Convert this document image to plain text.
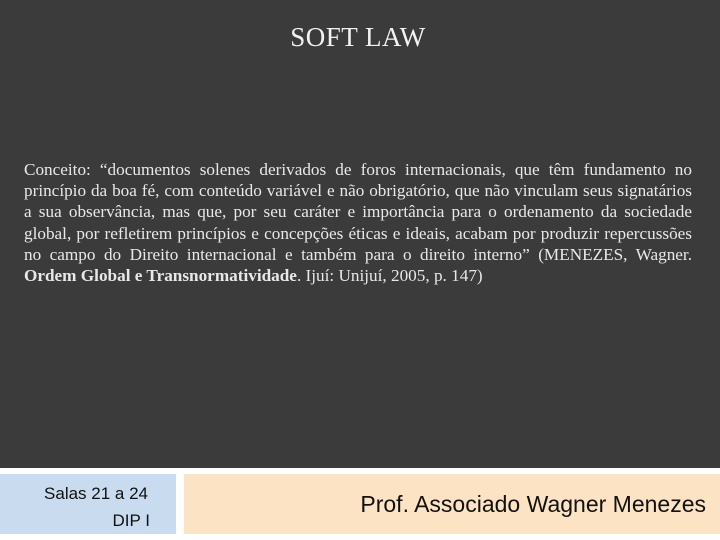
SOFT LAW
Conceito: “documentos solenes derivados de foros internacionais, que têm fundamento no princípio da boa fé, com conteúdo variável e não obrigatório, que não vinculam seus signatários a sua observância, mas que, por seu caráter e importância para o ordenamento da sociedade global, por refletirem princípios e concepções éticas e ideais, acabam por produzir repercussões no campo do Direito internacional e também para o direito interno” (MENEZES, Wagner. Ordem Global e Transnormatividade. Ijuí: Unijuí, 2005, p. 147)
Salas 21 a 24
DIP I
Prof. Associado Wagner Menezes
